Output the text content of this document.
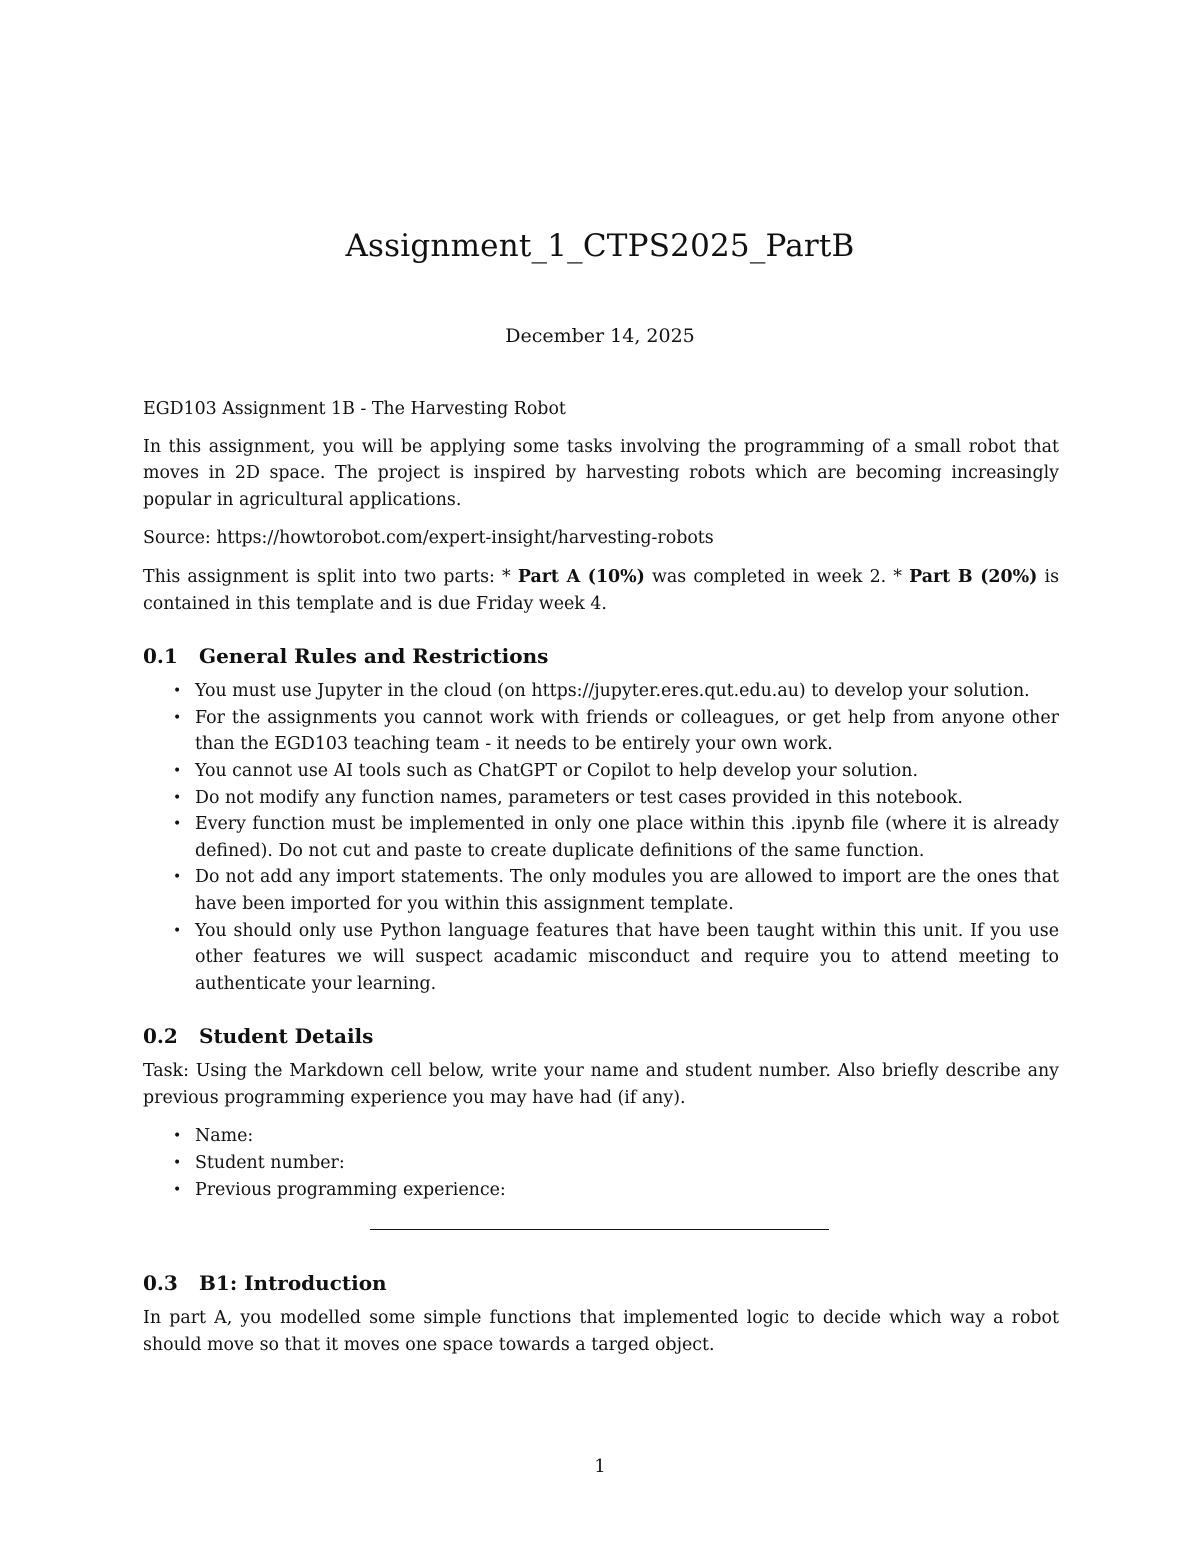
Assignment_1_CTPS2025_PartB
December 14, 2025

EGD103 Assignment 1B - The Harvesting Robot

In this assignment, you will be applying some tasks involving the programming of a small robot that moves in 2D space. The project is inspired by harvesting robots which are becoming increasingly popular in agricultural applications.

Source: https://howtorobot.com/expert-insight/harvesting-robots

This assignment is split into two parts: * Part A (10%) was completed in week 2. * Part B (20%) is contained in this template and is due Friday week 4.

0.1 General Rules and Restrictions
• You must use Jupyter in the cloud (on https://jupyter.eres.qut.edu.au) to develop your solution.
• For the assignments you cannot work with friends or colleagues, or get help from anyone other than the EGD103 teaching team - it needs to be entirely your own work.
• You cannot use AI tools such as ChatGPT or Copilot to help develop your solution.
• Do not modify any function names, parameters or test cases provided in this notebook.
• Every function must be implemented in only one place within this .ipynb file (where it is already defined). Do not cut and paste to create duplicate definitions of the same function.
• Do not add any import statements. The only modules you are allowed to import are the ones that have been imported for you within this assignment template.
• You should only use Python language features that have been taught within this unit. If you use other features we will suspect acadamic misconduct and require you to attend meeting to authenticate your learning.
0.2 Student Details

Task: Using the Markdown cell below, write your name and student number. Also briefly describe any previous programming experience you may have had (if any).

• Name:
• Student number:
• Previous programming experience:
0.3 B1: Introduction

In part A, you modelled some simple functions that implemented logic to decide which way a robot should move so that it moves one space towards a targed object.

1
